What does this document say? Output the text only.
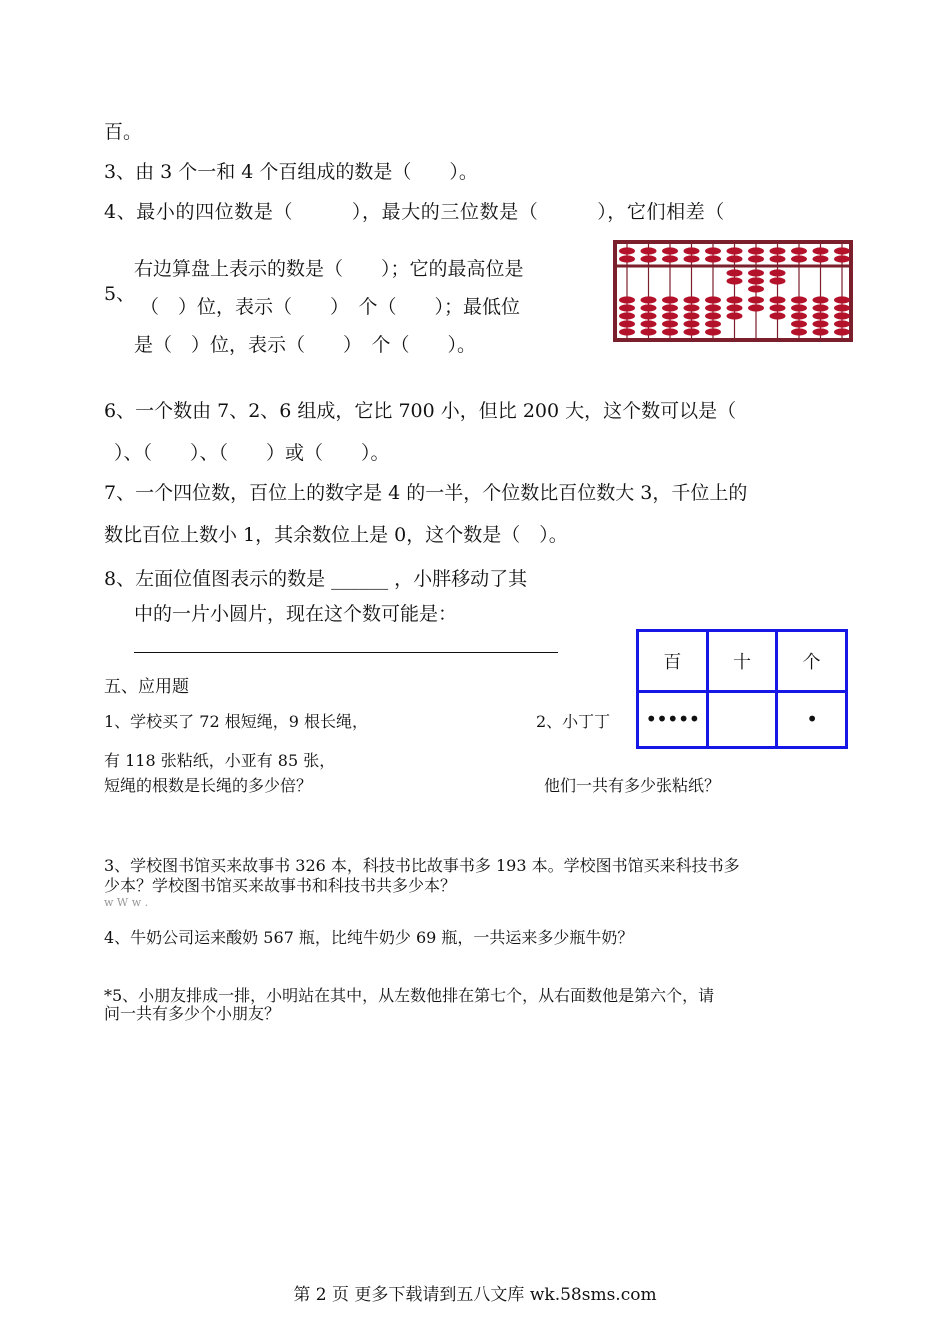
百。
3、由 3 个一和 4 个百组成的数是（　　）。
4、最小的四位数是（　　　），最大的三位数是（　　　），它们相差（
5、
右边算盘上表示的数是（　　）；它的最高位是
（　）位，表示（　　）　个（　　）；最低位
是（　）位，表示（　　）　个（　　）。
6、一个数由 7、2、6 组成，它比 700 小，但比 200 大，这个数可以是（
）、（　　）、（　　）或（　　）。
7、一个四位数，百位上的数字是 4 的一半，个位数比百位数大 3，千位上的
数比百位上数小 1，其余数位上是 0，这个数是（　）。
8、左面位值图表示的数是 ______ ，小胖移动了其
中的一片小圆片，现在这个数可能是：
百	十	个
•••••		•
五、应用题
1、学校买了 72 根短绳，9 根长绳，	2、小丁丁
有 118 张粘纸，小亚有 85 张，
短绳的根数是长绳的多少倍？	他们一共有多少张粘纸？
3、学校图书馆买来故事书 326 本，科技书比故事书多 193 本。学校图书馆买来科技书多
少本？学校图书馆买来故事书和科技书共多少本？
w W w .
4、牛奶公司运来酸奶 567 瓶，比纯牛奶少 69 瓶，一共运来多少瓶牛奶？
*5、小朋友排成一排，小明站在其中，从左数他排在第七个，从右面数他是第六个，请
问一共有多少个小朋友？
第 2 页 更多下载请到五八文库 wk.58sms.com
